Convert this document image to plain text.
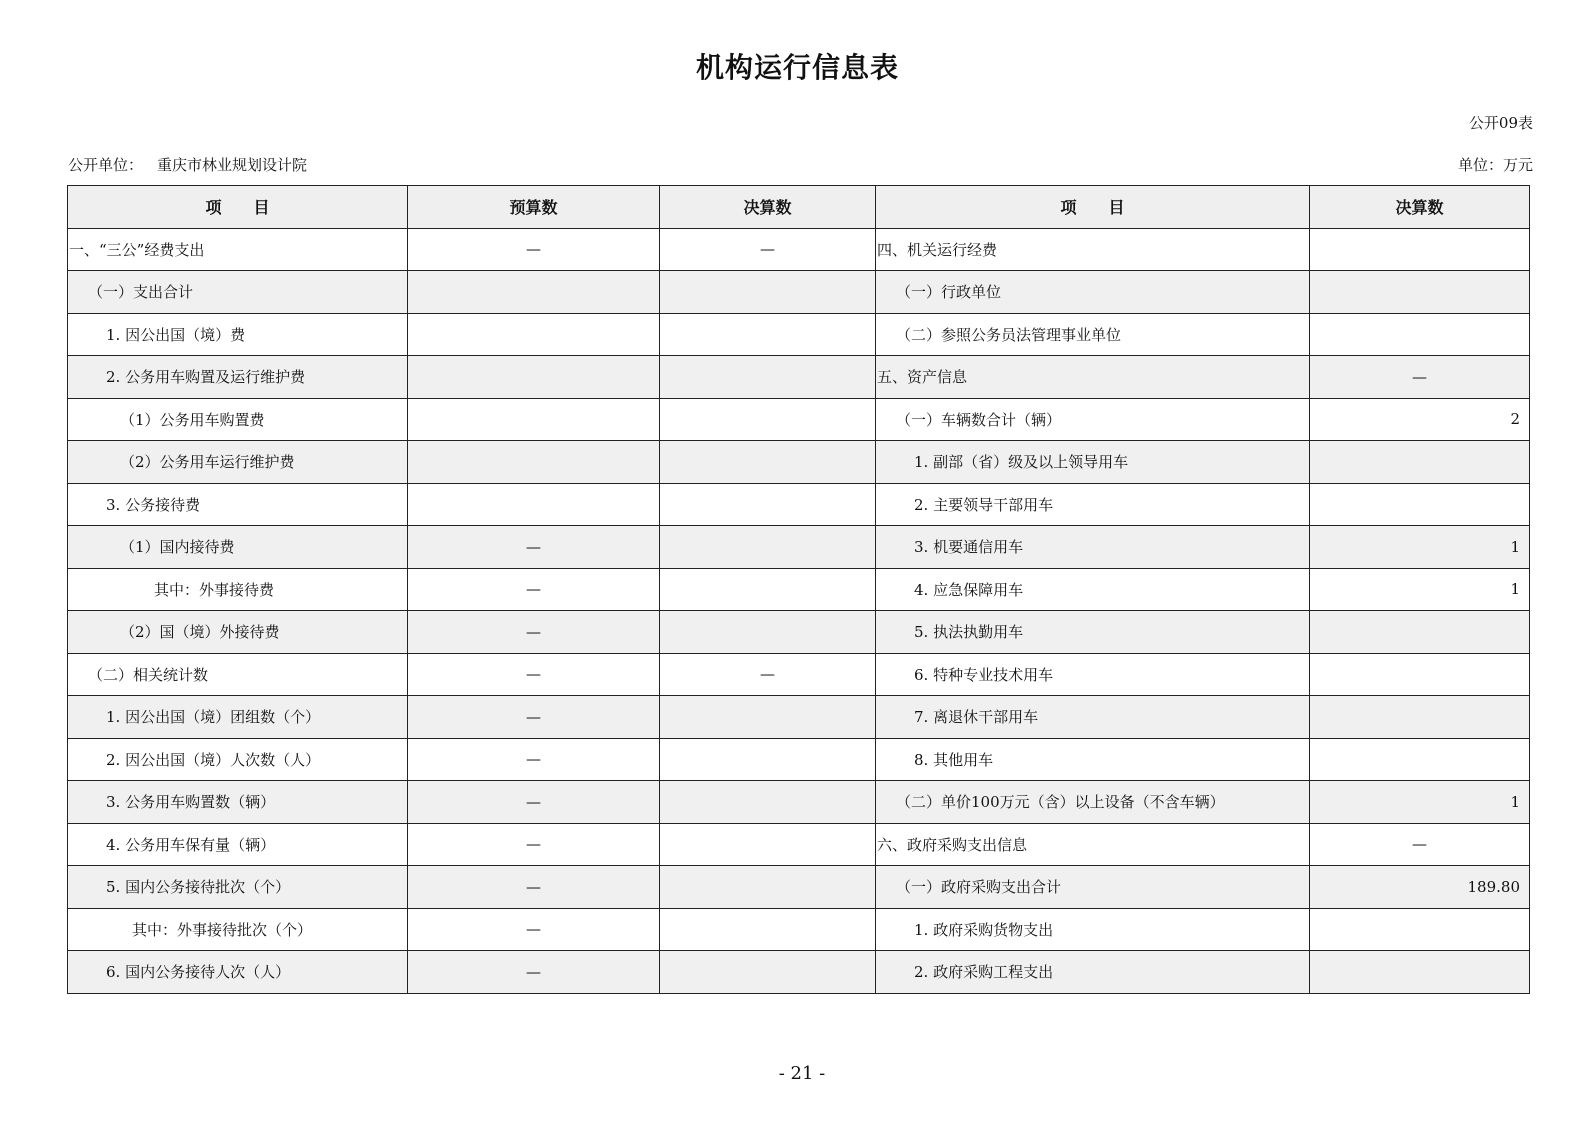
机构运行信息表
公开09表
公开单位： 重庆市林业规划设计院	单位：万元
项　　目	预算数	决算数	项　　目	决算数
一、“三公”经费支出	—	—	四、机关运行经费	
（一）支出合计			（一）行政单位	
1. 因公出国（境）费			（二）参照公务员法管理事业单位	
2. 公务用车购置及运行维护费			五、资产信息	—
（1）公务用车购置费			（一）车辆数合计（辆）	2
（2）公务用车运行维护费			1. 副部（省）级及以上领导用车	
3. 公务接待费			2. 主要领导干部用车	
（1）国内接待费	—		3. 机要通信用车	1
其中：外事接待费	—		4. 应急保障用车	1
（2）国（境）外接待费	—		5. 执法执勤用车	
（二）相关统计数	—	—	6. 特种专业技术用车	
1. 因公出国（境）团组数（个）	—		7. 离退休干部用车	
2. 因公出国（境）人次数（人）	—		8. 其他用车	
3. 公务用车购置数（辆）	—		（二）单价100万元（含）以上设备（不含车辆）	1
4. 公务用车保有量（辆）	—		六、政府采购支出信息	—
5. 国内公务接待批次（个）	—		（一）政府采购支出合计	189.80
其中：外事接待批次（个）	—		1. 政府采购货物支出	
6. 国内公务接待人次（人）	—		2. 政府采购工程支出	
- 21 -
